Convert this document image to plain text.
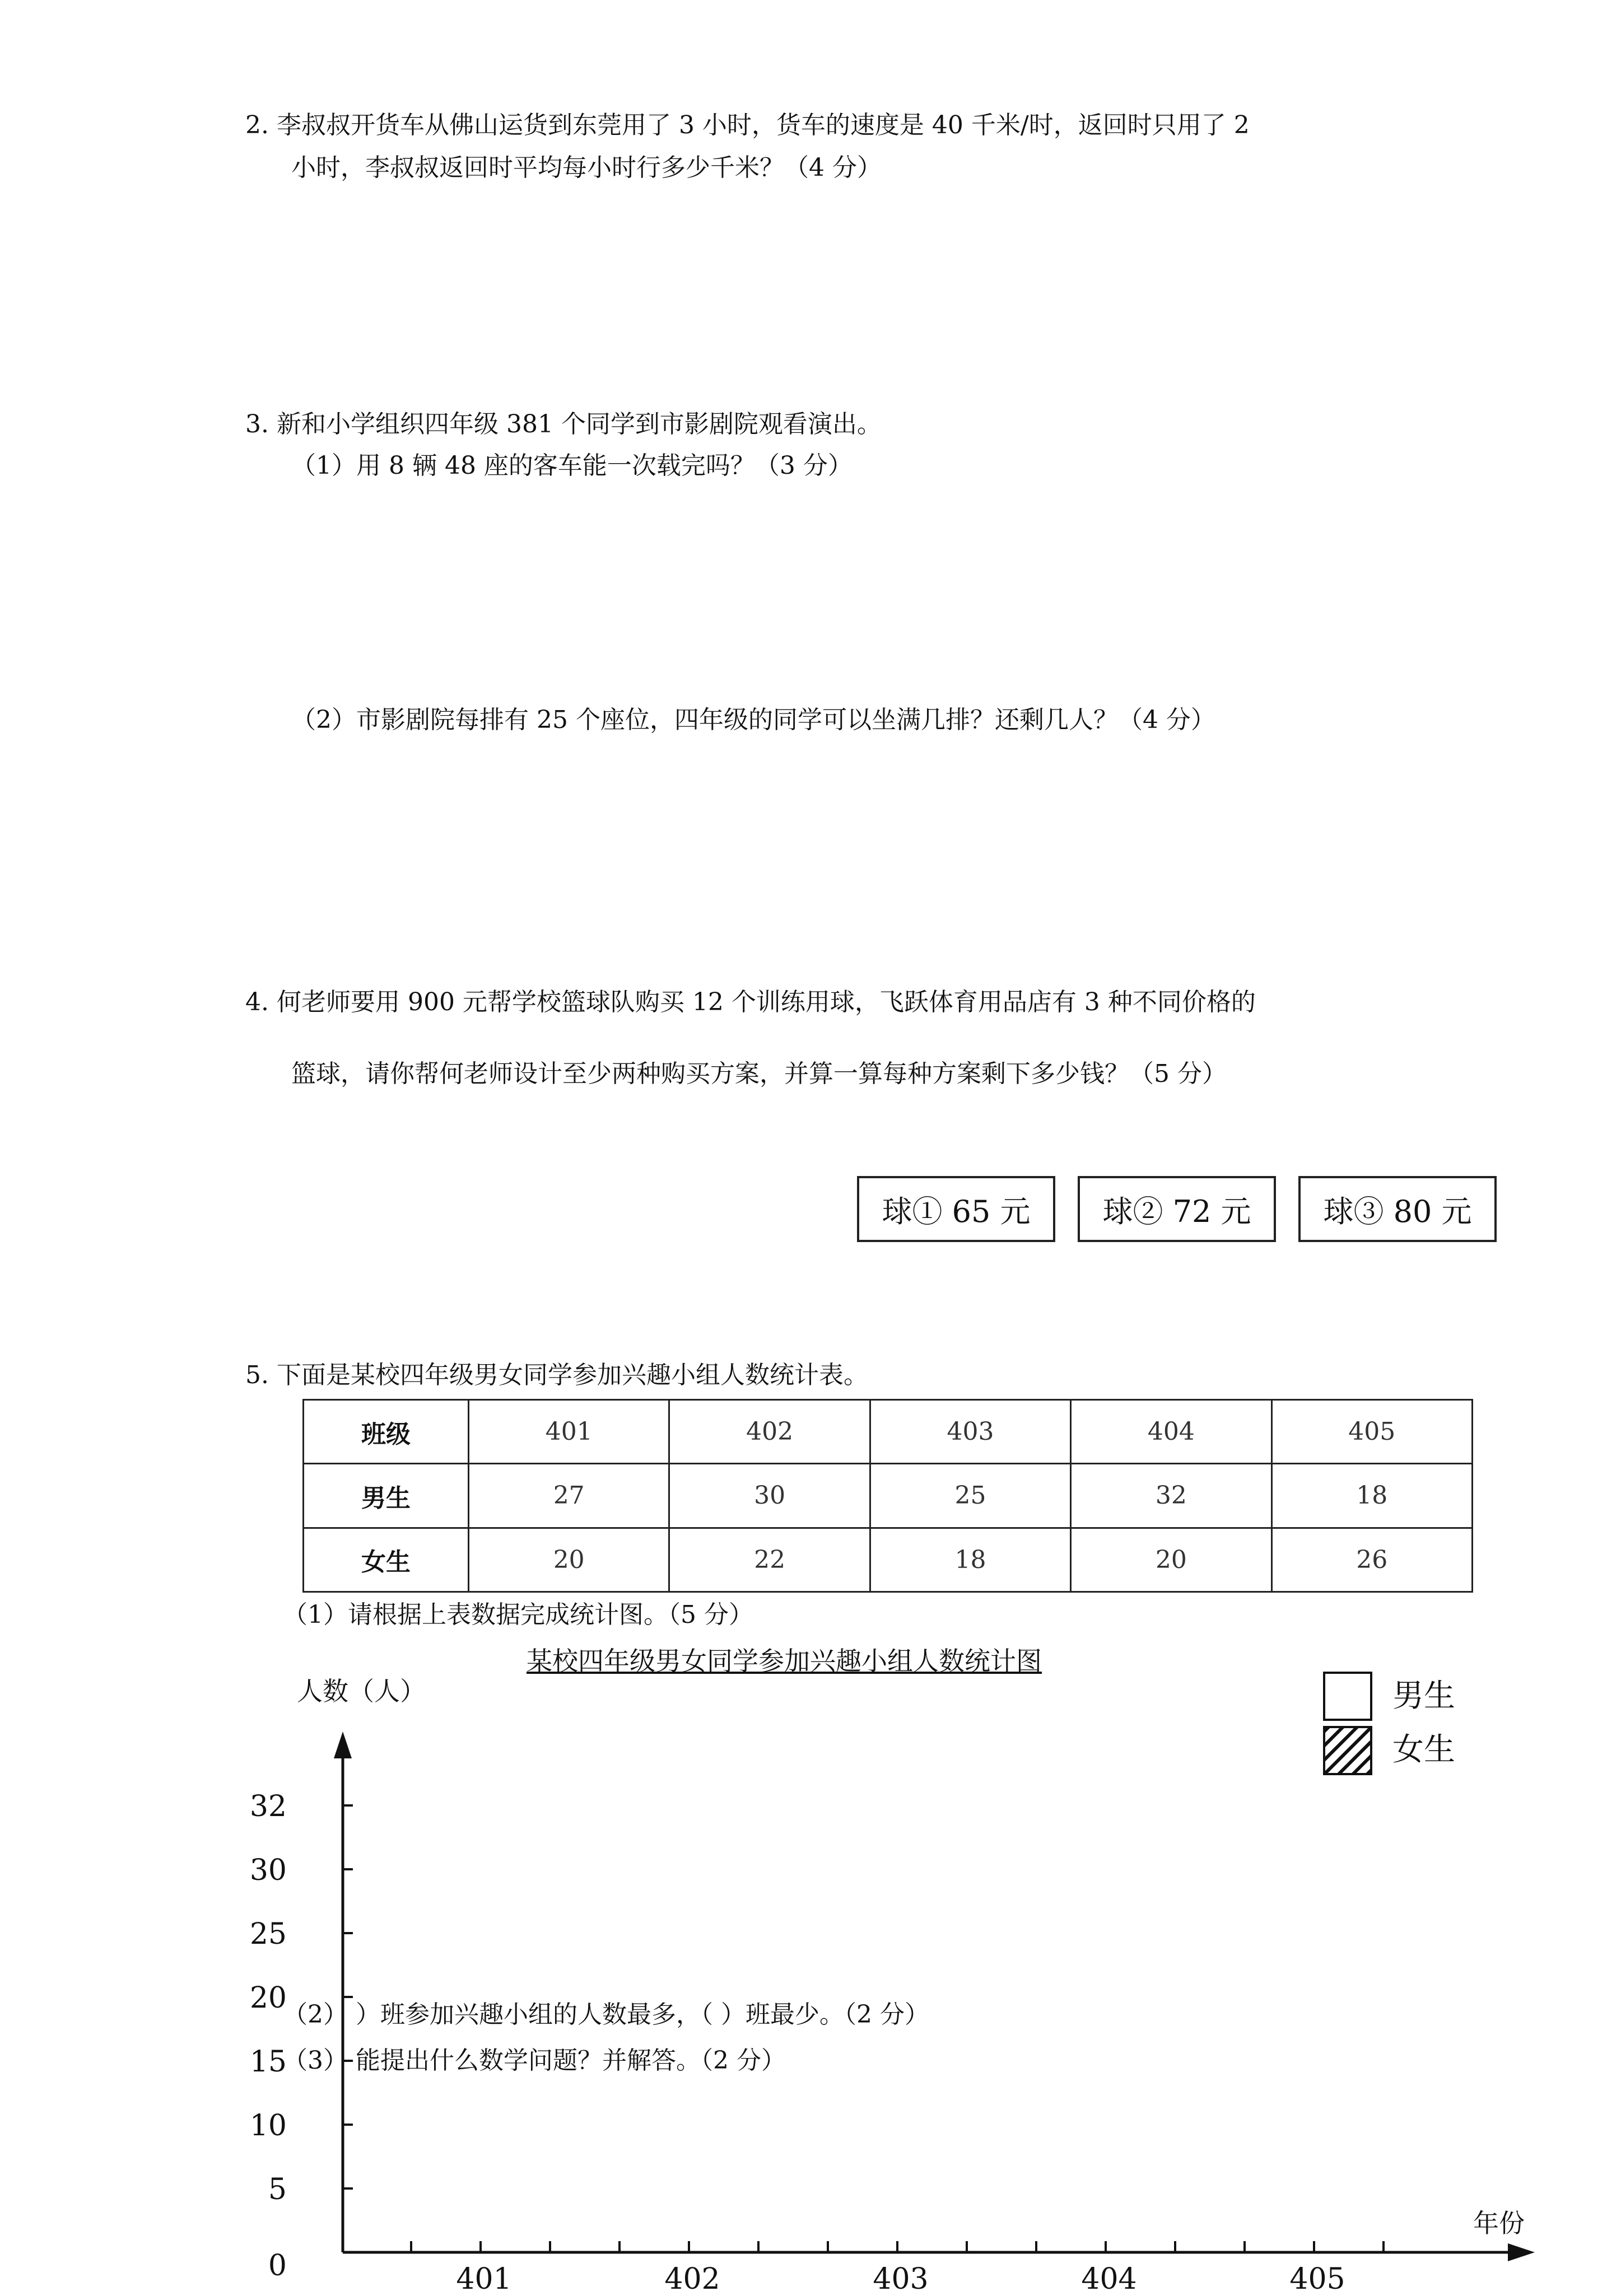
2. 李叔叔开货车从佛山运货到东莞用了 3 小时，货车的速度是 40 千米/时，返回时只用了 2
小时，李叔叔返回时平均每小时行多少千米？（4 分）
3. 新和小学组织四年级 381 个同学到市影剧院观看演出。
（1）用 8 辆 48 座的客车能一次载完吗？（3 分）
（2）市影剧院每排有 25 个座位，四年级的同学可以坐满几排？还剩几人？（4 分）
4. 何老师要用 900 元帮学校篮球队购买 12 个训练用球，飞跃体育用品店有 3 种不同价格的
篮球，请你帮何老师设计至少两种购买方案，并算一算每种方案剩下多少钱？（5 分）
球① 65 元	球② 72 元	球③ 80 元
5. 下面是某校四年级男女同学参加兴趣小组人数统计表。
班级	401	402	403	404	405
男生	27	30	25	32	18
女生	20	22	18	20	26
（1）请根据上表数据完成统计图。（5 分）
某校四年级男女同学参加兴趣小组人数统计图
人数（人）	男生
女生
0
5
10
15
20
25
30
32
401	402	403	404	405
年份
（2） ）班参加兴趣小组的人数最多，（ ）班最少。（2 分）
（3） 能提出什么数学问题？并解答。（2 分）
